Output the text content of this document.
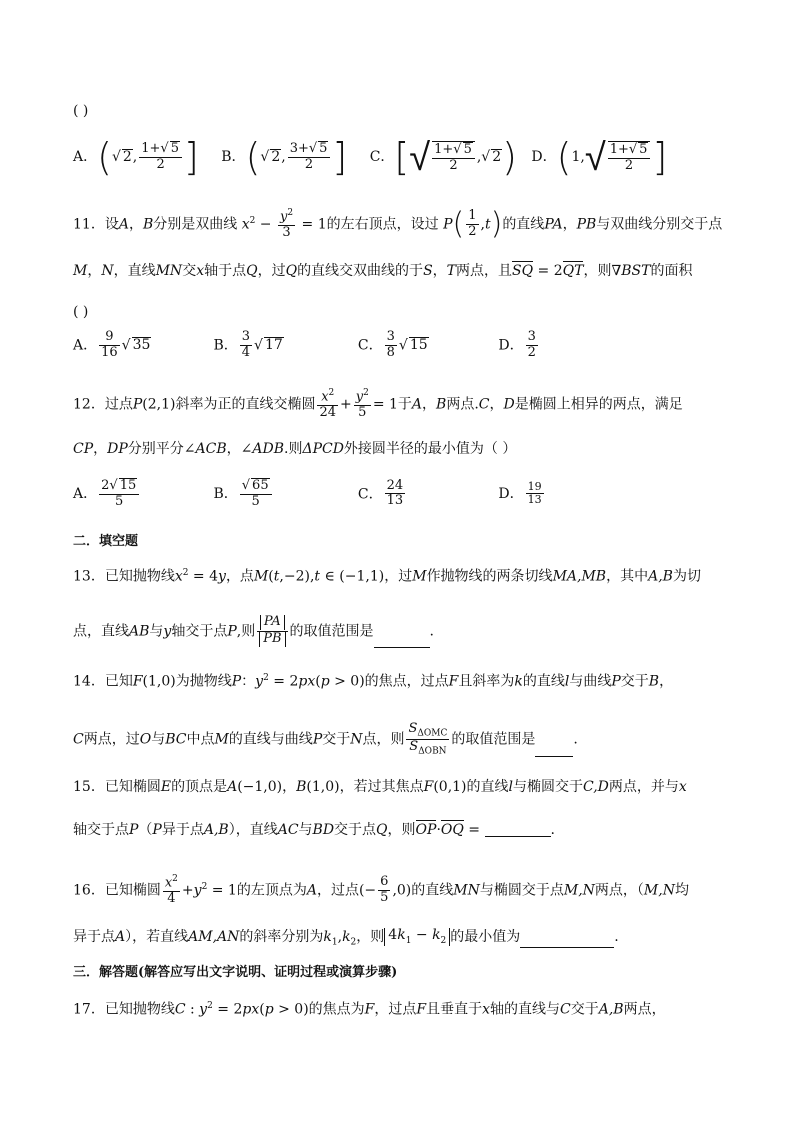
( )
A．(√ 2, $\frac{1+√ 5}{2}$ ] B．(√ 2, $\frac{3+√ 5}{2}$ ] C．[√ $\frac{1+√ 5}{2}$ ,√ 2) D．($1,√ \frac{1+√ 5}{2}$ ]
11．设A，B分别是双曲线 $x^2 - \frac{y^2}{3} = 1$的左右顶点，设过 $P( \frac{1}{2} ,t)$的直线PA，PB与双曲线分别交于点
M，N，直线MN交x轴于点Q，过Q的直线交双曲线的于S，T两点，且SQ = 2QT，则∇BST的面积
( )
A． $\frac{9}{16}$ √ 35	B． $\frac{3}{4}$ √ 17	C． $\frac{3}{8}$ √ 15	D． $\frac{3}{2}$
12．过点P(2,1)斜率为正的直线交椭圆 $\frac{x^2}{24} + \frac{y^2}{5} = 1$于A，B两点.C，D是椭圆上相异的两点，满足
CP，DP分别平分∠ACB，∠ADB.则ΔPCD外接圆半径的最小值为（ ）
A． $\frac{2√ 15}{5}$	B． $\frac{√ 65}{5}$	C． $\frac{24}{13}$	D． $\frac{19}{13}$
二．填空题
13．已知抛物线$x^2 = 4y$，点M(t,−2),t ∈ (−1,1)，过M作抛物线的两条切线MA,MB，其中A,B为切
点，直线AB与y轴交于点P,则 $\frac{PA}{PB}$ 的取值范围是	.
14．已知F(1,0)为抛物线P：$y^2 = 2px(p > 0)$的焦点，过点F且斜率为k的直线l与曲线P交于B，
C两点，过O与BC中点M的直线与曲线P交于N点，则 $\frac{S_{\Delta OMC}}{S_{\Delta OBN}}$ 的取值范围是	.
15．已知椭圆E的顶点是A(−1,0)，B(1,0)，若过其焦点F(0,1)的直线l与椭圆交于C,D两点，并与x
轴交于点P（P异于点A,B），直线AC与BD交于点Q，则OP·OQ =	.
16．已知椭圆 $\frac{x^2}{4} +y^2 = 1$的左顶点为A，过点(− $\frac{6}{5} ,0$)的直线MN与椭圆交于点M,N两点，（M,N均
异于点A），若直线AM,AN的斜率分别为$k_1,k_2$，则 $4k_1 - k_2$ 的最小值为	.
三．解答题(解答应写出文字说明、证明过程或演算步骤)
17．已知抛物线C : $y^2 = 2px(p > 0)$的焦点为F，过点F且垂直于x轴的直线与C交于A,B两点，
